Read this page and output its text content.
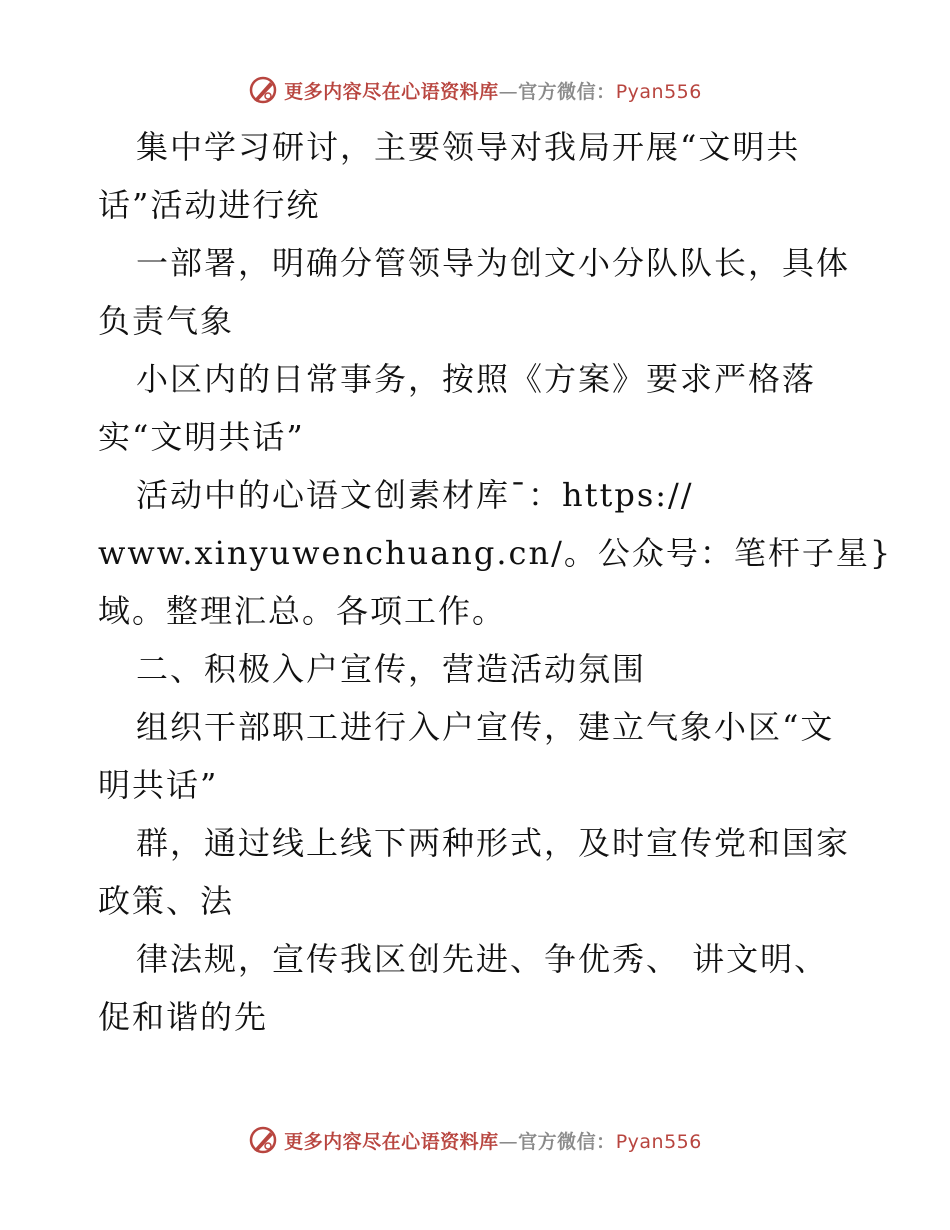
更多内容尽在心语资料库—官方微信：Pyan556
集中学习研讨，主要领导对我局开展“文明共
话”活动进行统
一部署，明确分管领导为创文小分队队长，具体
负责气象
小区内的日常事务，按照《方案》要求严格落
实“文明共话”
活动中的心语文创素材库¯：https://
www.xinyuwenchuang.cn/。公众号：笔杆子星}
域。整理汇总。各项工作。
二、积极入户宣传，营造活动氛围
组织干部职工进行入户宣传，建立气象小区“文
明共话”
群，通过线上线下两种形式，及时宣传党和国家
政策、法
律法规，宣传我区创先进、争优秀、 讲文明、
促和谐的先
更多内容尽在心语资料库—官方微信：Pyan556
